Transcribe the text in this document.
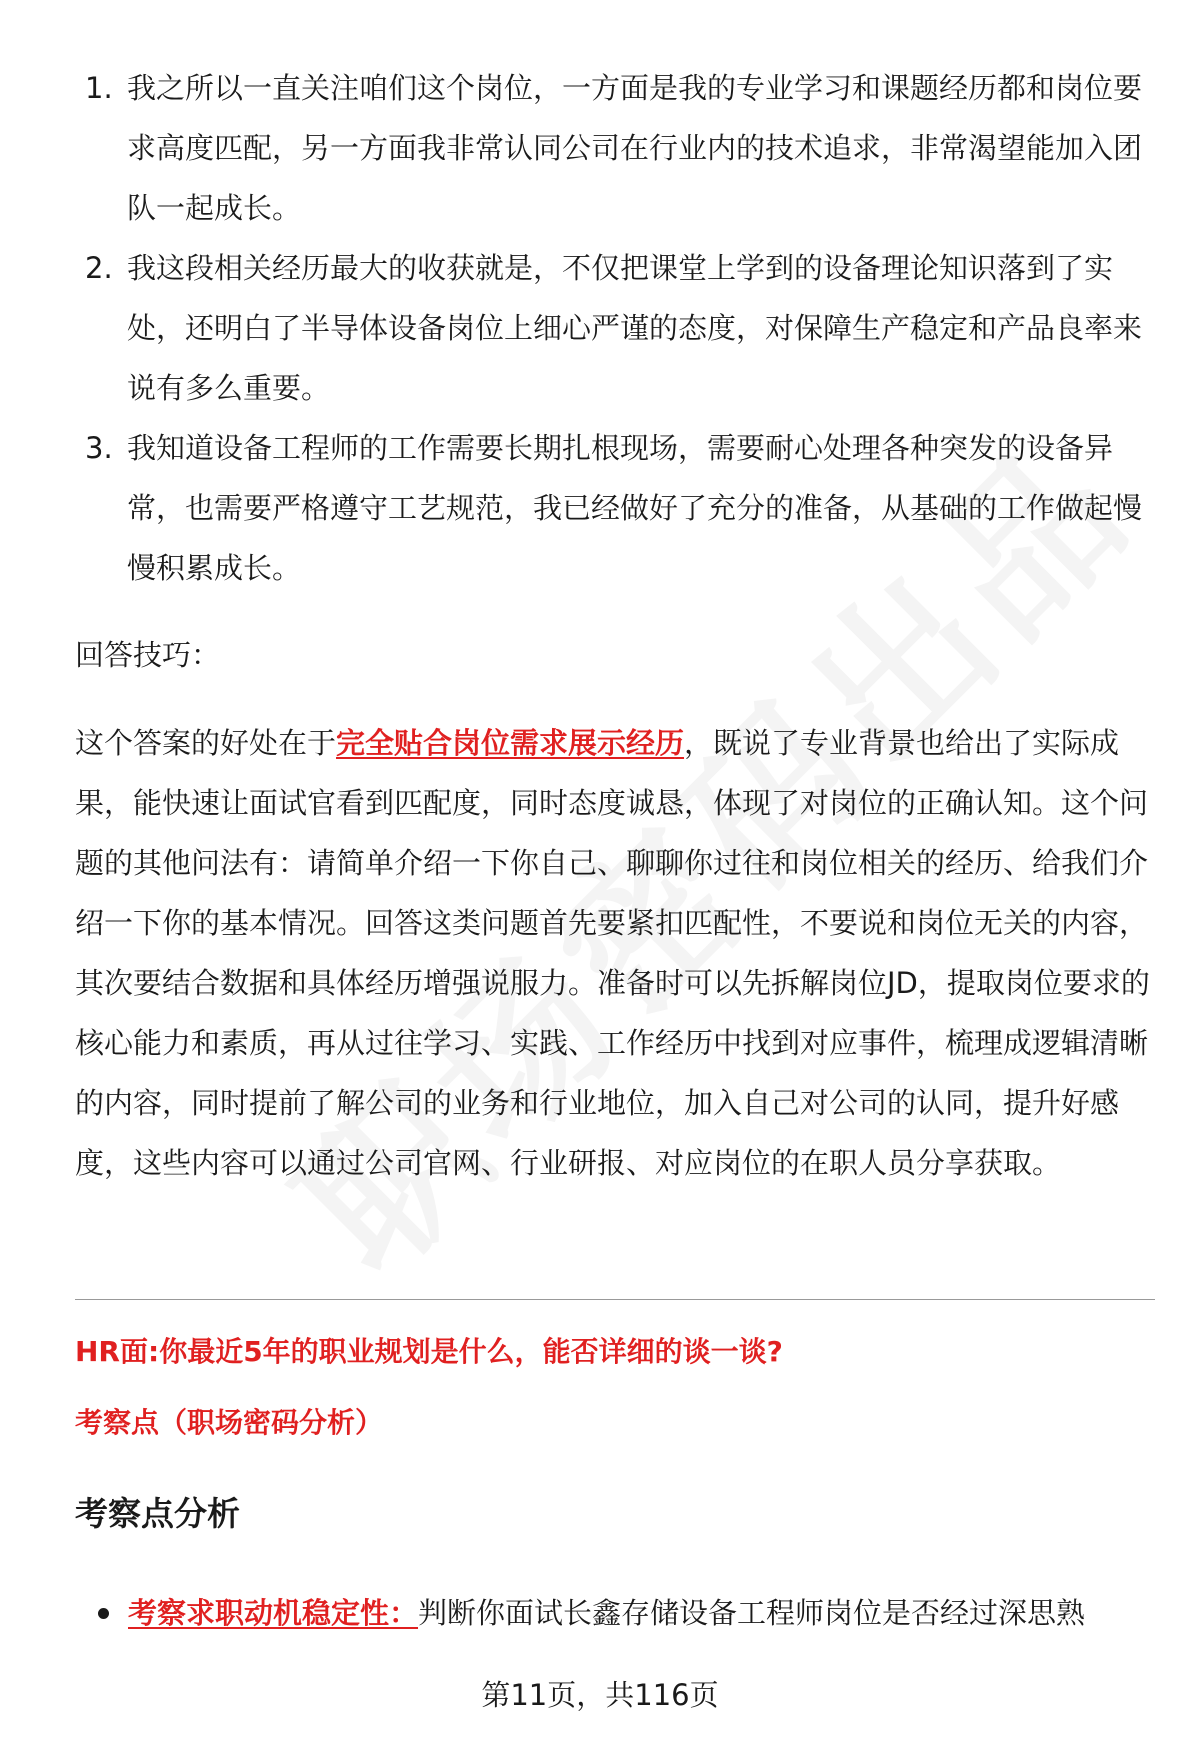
1. 我之所以一直关注咱们这个岗位，一方面是我的专业学习和课题经历都和岗位要求高度匹配，另一方面我非常认同公司在行业内的技术追求，非常渴望能加入团队一起成长。
2. 我这段相关经历最大的收获就是，不仅把课堂上学到的设备理论知识落到了实处，还明白了半导体设备岗位上细心严谨的态度，对保障生产稳定和产品良率来说有多么重要。
3. 我知道设备工程师的工作需要长期扎根现场，需要耐心处理各种突发的设备异常，也需要严格遵守工艺规范，我已经做好了充分的准备，从基础的工作做起慢慢积累成长。
回答技巧：

这个答案的好处在于完全贴合岗位需求展示经历，既说了专业背景也给出了实际成果，能快速让面试官看到匹配度，同时态度诚恳，体现了对岗位的正确认知。这个问题的其他问法有：请简单介绍一下你自己、聊聊你过往和岗位相关的经历、给我们介绍一下你的基本情况。回答这类问题首先要紧扣匹配性，不要说和岗位无关的内容，其次要结合数据和具体经历增强说服力。准备时可以先拆解岗位JD，提取岗位要求的核心能力和素质，再从过往学习、实践、工作经历中找到对应事件，梳理成逻辑清晰的内容，同时提前了解公司的业务和行业地位，加入自己对公司的认同，提升好感度，这些内容可以通过公司官网、行业研报、对应岗位的在职人员分享获取。

HR面:你最近5年的职业规划是什么，能否详细的谈一谈?
考察点（职场密码分析）
考察点分析
考察求职动机稳定性：判断你面试长鑫存储设备工程师岗位是否经过深思熟
第11页，共116页
